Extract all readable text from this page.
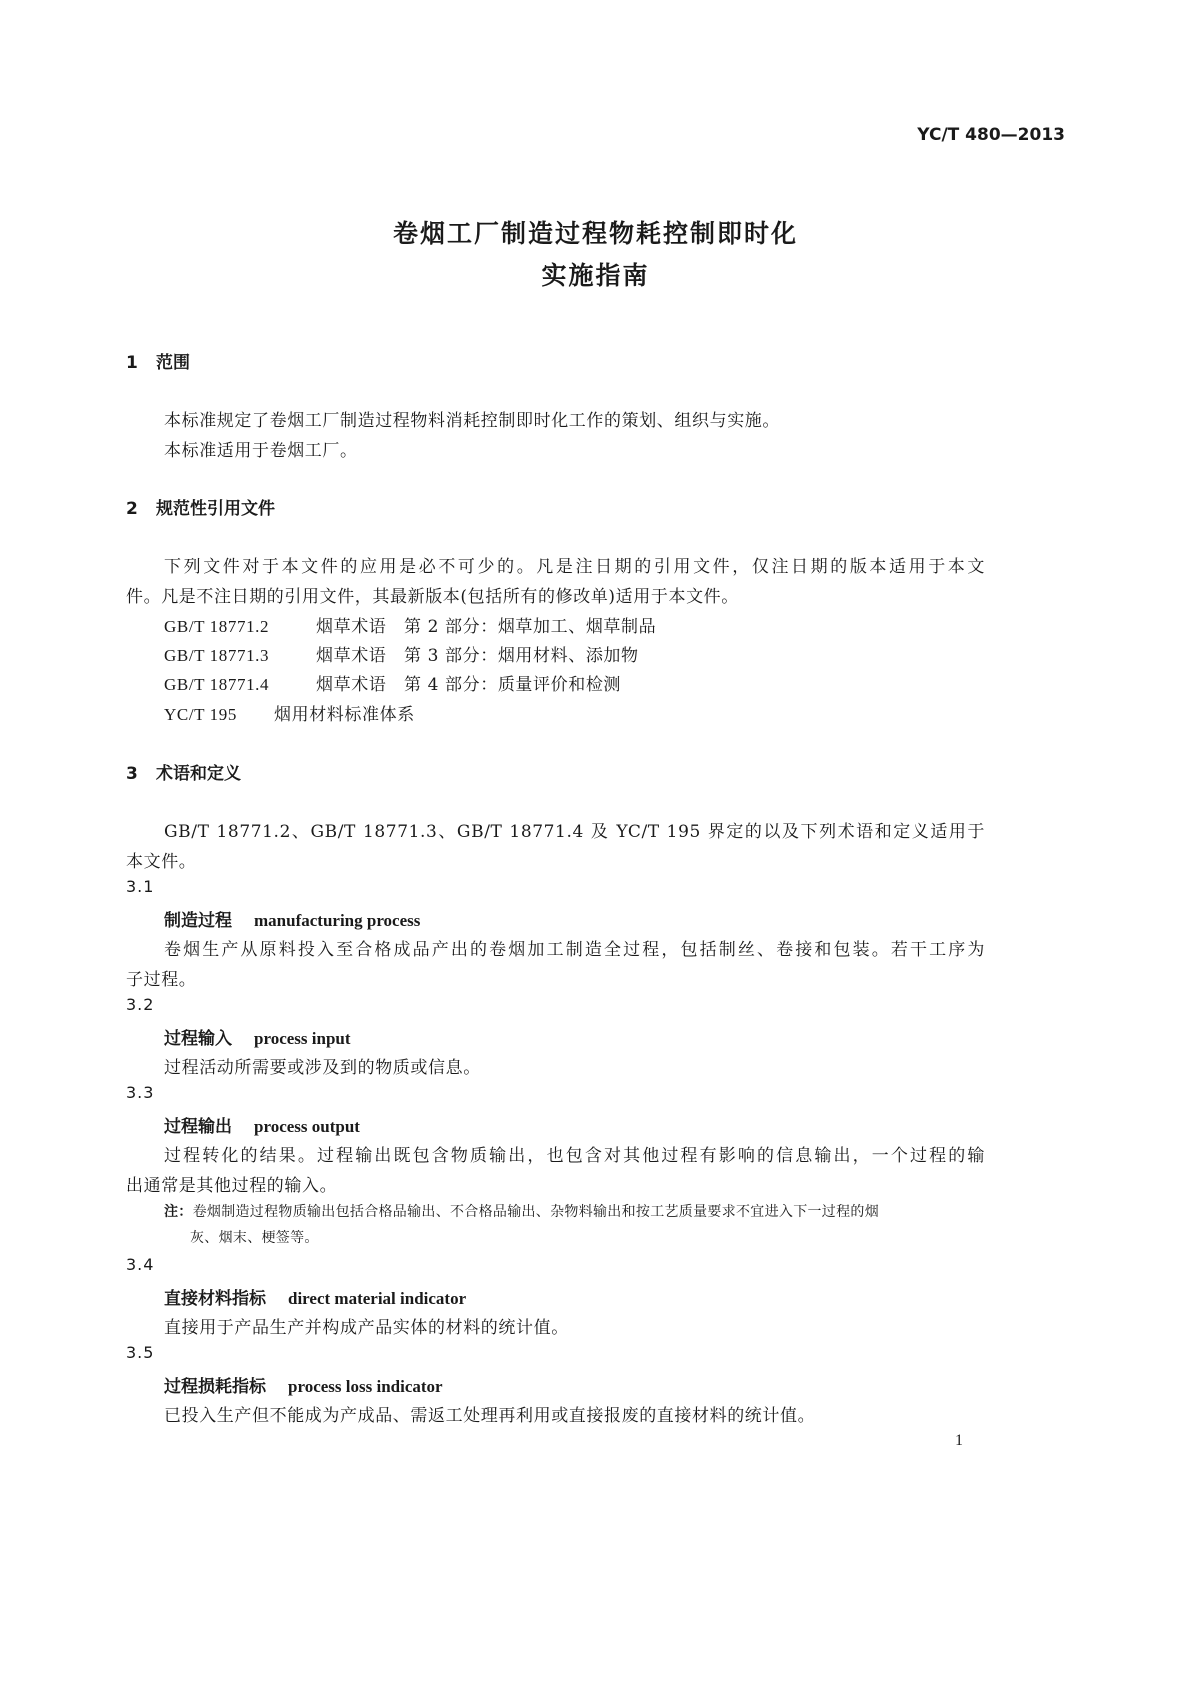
YC/T 480—2013
卷烟工厂制造过程物耗控制即时化
实施指南
1 范围
本标准规定了卷烟工厂制造过程物料消耗控制即时化工作的策划、组织与实施。
本标准适用于卷烟工厂。
2 规范性引用文件
下列文件对于本文件的应用是必不可少的。凡是注日期的引用文件，仅注日期的版本适用于本文
件。凡是不注日期的引用文件，其最新版本(包括所有的修改单)适用于本文件。
GB/T 18771.2	烟草术语　第 2 部分：烟草加工、烟草制品
GB/T 18771.3	烟草术语　第 3 部分：烟用材料、添加物
GB/T 18771.4	烟草术语　第 4 部分：质量评价和检测
YC/T 195 烟用材料标准体系
3 术语和定义
GB/T 18771.2、GB/T 18771.3、GB/T 18771.4 及 YC/T 195 界定的以及下列术语和定义适用于
本文件。
3.1
制造过程 manufacturing process
卷烟生产从原料投入至合格成品产出的卷烟加工制造全过程，包括制丝、卷接和包装。若干工序为
子过程。
3.2
过程输入 process input
过程活动所需要或涉及到的物质或信息。
3.3
过程输出 process output
过程转化的结果。过程输出既包含物质输出，也包含对其他过程有影响的信息输出，一个过程的输
出通常是其他过程的输入。
注：卷烟制造过程物质输出包括合格品输出、不合格品输出、杂物料输出和按工艺质量要求不宜进入下一过程的烟
灰、烟末、梗签等。
3.4
直接材料指标 direct material indicator
直接用于产品生产并构成产品实体的材料的统计值。
3.5
过程损耗指标 process loss indicator
已投入生产但不能成为产成品、需返工处理再利用或直接报废的直接材料的统计值。
1
